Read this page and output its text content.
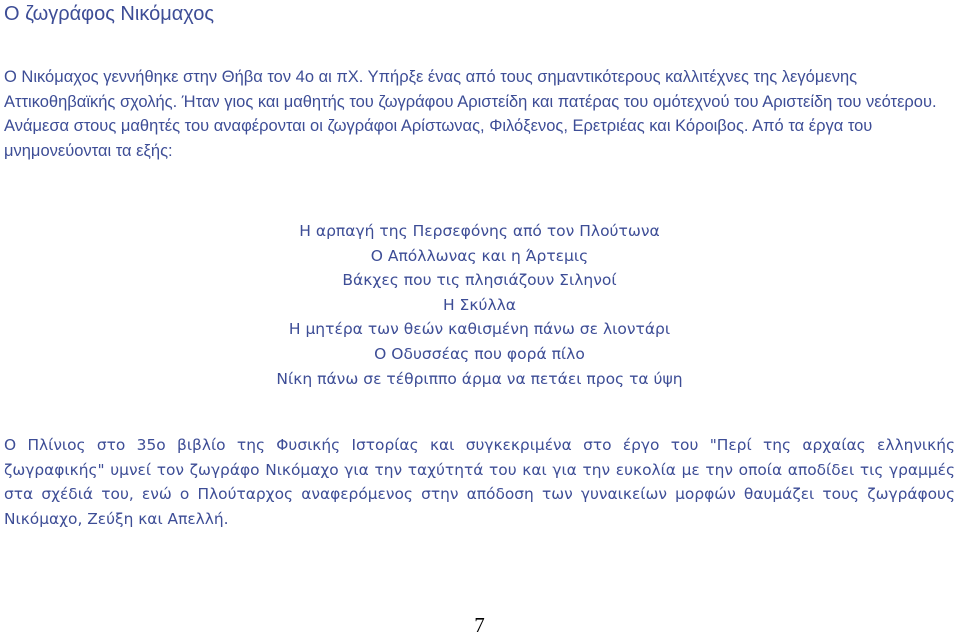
Ο ζωγράφος Νικόμαχος

Ο Νικόμαχος γεννήθηκε στην Θήβα τον 4ο αι πΧ. Υπήρξε ένας από τους σημαντικότερους καλλιτέχνες της λεγόμενης Αττικοθηβαϊκής σχολής. Ήταν γιος και μαθητής του ζωγράφου Αριστείδη και πατέρας του ομότεχνού του Αριστείδη του νεότερου. Ανάμεσα στους μαθητές του αναφέρονται οι ζωγράφοι Αρίστωνας, Φιλόξενος, Ερετριέας και Κόροιβος. Από τα έργα του μνημονεύονται τα εξής:

Η αρπαγή της Περσεφόνης από τον Πλούτωνα
Ο Απόλλωνας και η Άρτεμις
Βάκχες που τις πλησιάζουν Σιληνοί
Η Σκύλλα
Η μητέρα των θεών καθισμένη πάνω σε λιοντάρι
Ο Οδυσσέας που φορά πίλο
Νίκη πάνω σε τέθριππο άρμα να πετάει προς τα ύψη

Ο Πλίνιος στο 35ο βιβλίο της Φυσικής Ιστορίας και συγκεκριμένα στο έργο του "Περί της αρχαίας ελληνικής ζωγραφικής" υμνεί τον ζωγράφο Νικόμαχο για την ταχύτητά του και για την ευκολία με την οποία αποδίδει τις γραμμές στα σχέδιά του, ενώ ο Πλούταρχος αναφερόμενος στην απόδοση των γυναικείων μορφών θαυμάζει τους ζωγράφους Νικόμαχο, Ζεύξη και Απελλή.

7
